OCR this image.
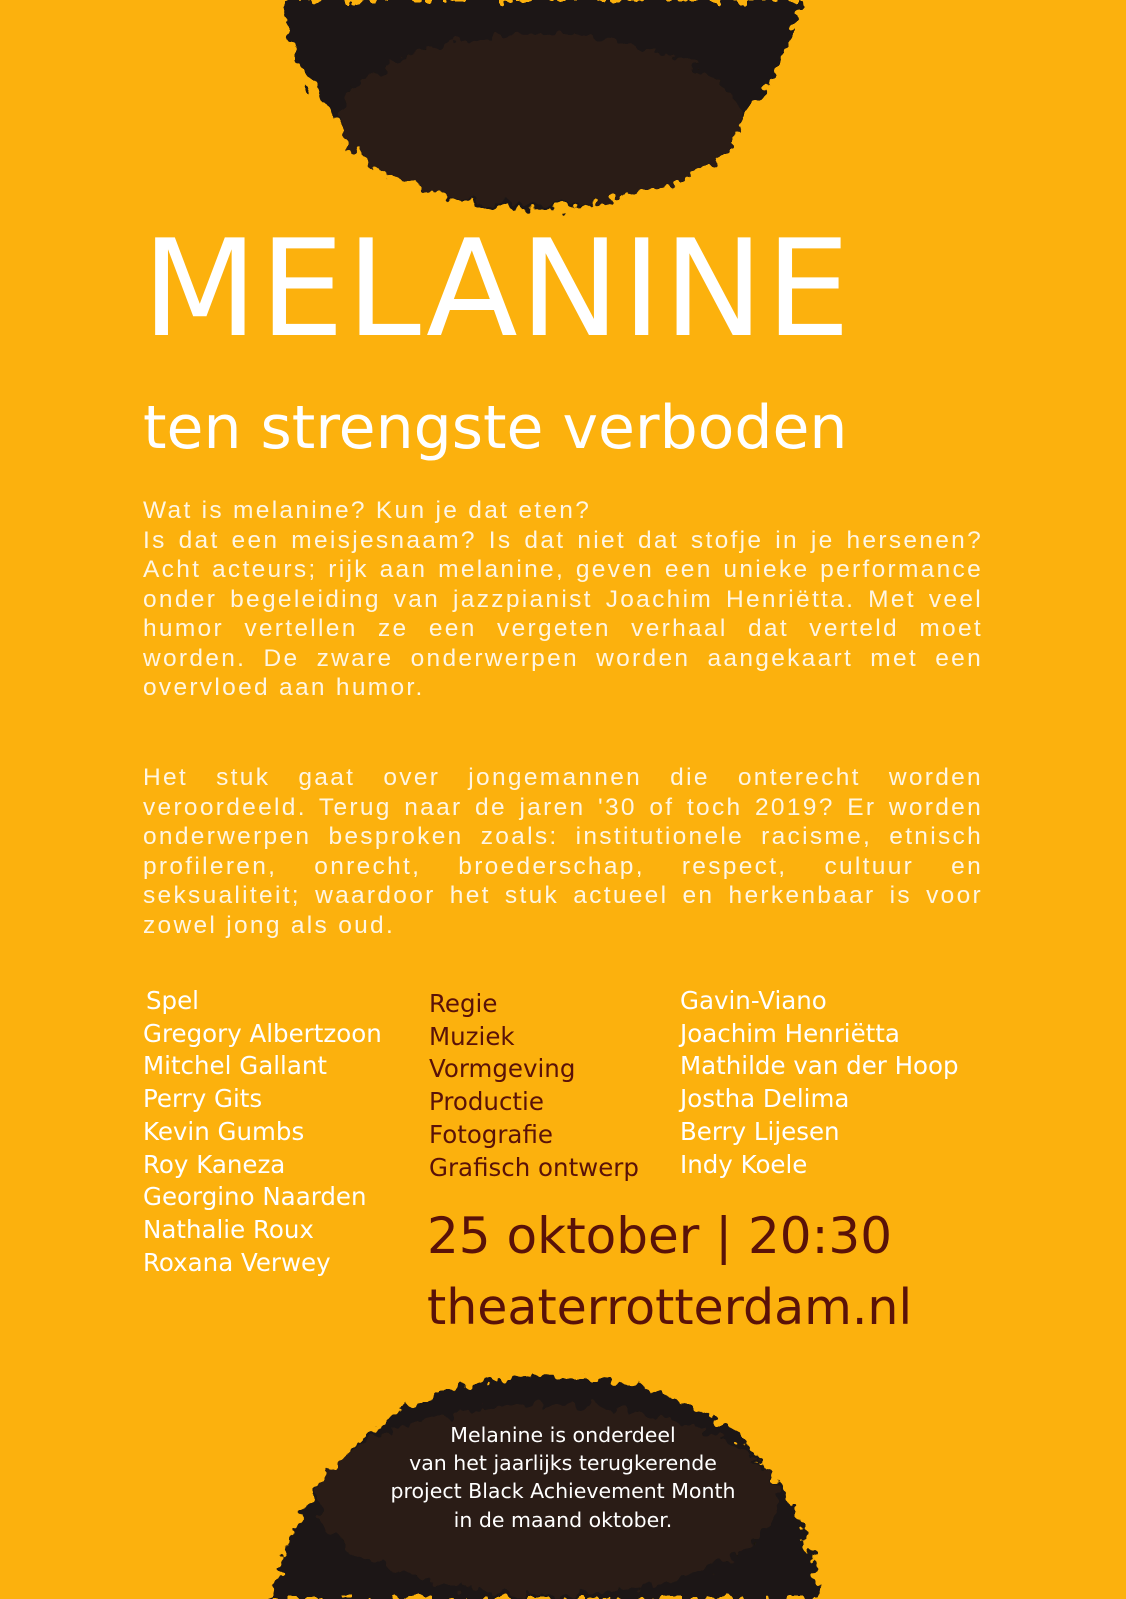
MELANINE
ten strengste verboden

Wat is melanine? Kun je dat eten?
Is dat een meisjesnaam? Is dat niet dat stofje in je hersenen? Acht acteurs; rijk aan melanine, geven een unieke performance onder begeleiding van jazzpianist Joachim Henriëtta. Met veel humor vertellen ze een vergeten verhaal dat verteld moet worden. De zware onderwerpen worden aangekaart met een overvloed aan humor.

Het stuk gaat over jongemannen die onterecht worden veroordeeld. Terug naar de jaren '30 of toch 2019? Er worden onderwerpen besproken zoals: institutionele racisme, etnisch profileren, onrecht, broederschap, respect, cultuur en seksualiteit; waardoor het stuk actueel en herkenbaar is voor zowel jong als oud.

Spel
Gregory Albertzoon
Mitchel Gallant
Perry Gits
Kevin Gumbs
Roy Kaneza
Georgino Naarden
Nathalie Roux
Roxana Verwey
Regie
Muziek
Vormgeving
Productie
Fotografie
Grafisch ontwerp
Gavin-Viano
Joachim Henriëtta
Mathilde van der Hoop
Jostha Delima
Berry Lijesen
Indy Koele
25 oktober | 20:30
theaterrotterdam.nl
Melanine is onderdeel
van het jaarlijks terugkerende
project Black Achievement Month
in de maand oktober.
